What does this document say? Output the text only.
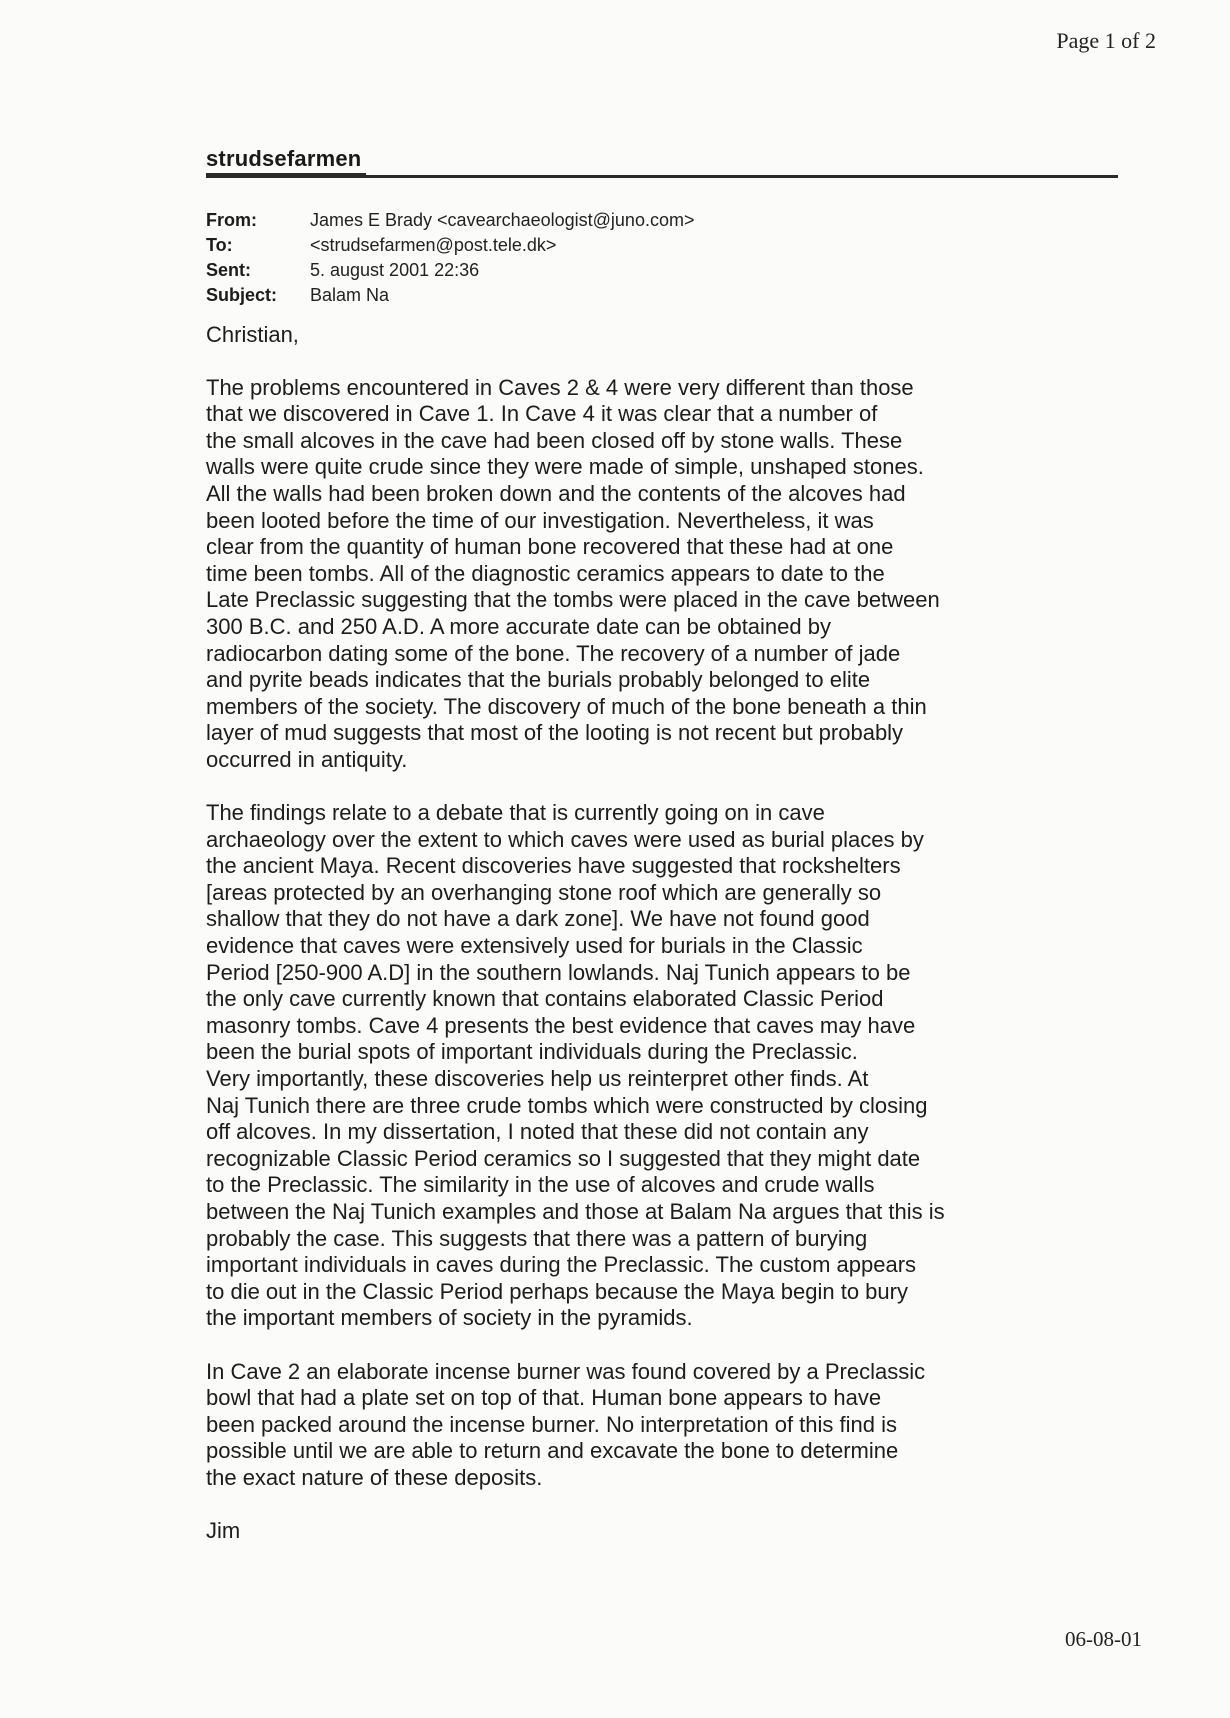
Page 1 of 2
strudsefarmen
From:	James E Brady <cavearchaeologist@juno.com>
To:	<strudsefarmen@post.tele.dk>
Sent:	5. august 2001 22:36
Subject:	Balam Na
Christian,
The problems encountered in Caves 2 & 4 were very different than those
that we discovered in Cave 1. In Cave 4 it was clear that a number of
the small alcoves in the cave had been closed off by stone walls. These
walls were quite crude since they were made of simple, unshaped stones.
All the walls had been broken down and the contents of the alcoves had
been looted before the time of our investigation. Nevertheless, it was
clear from the quantity of human bone recovered that these had at one
time been tombs. All of the diagnostic ceramics appears to date to the
Late Preclassic suggesting that the tombs were placed in the cave between
300 B.C. and 250 A.D. A more accurate date can be obtained by
radiocarbon dating some of the bone. The recovery of a number of jade
and pyrite beads indicates that the burials probably belonged to elite
members of the society. The discovery of much of the bone beneath a thin
layer of mud suggests that most of the looting is not recent but probably
occurred in antiquity.
The findings relate to a debate that is currently going on in cave
archaeology over the extent to which caves were used as burial places by
the ancient Maya. Recent discoveries have suggested that rockshelters
[areas protected by an overhanging stone roof which are generally so
shallow that they do not have a dark zone]. We have not found good
evidence that caves were extensively used for burials in the Classic
Period [250-900 A.D] in the southern lowlands. Naj Tunich appears to be
the only cave currently known that contains elaborated Classic Period
masonry tombs. Cave 4 presents the best evidence that caves may have
been the burial spots of important individuals during the Preclassic.
Very importantly, these discoveries help us reinterpret other finds. At
Naj Tunich there are three crude tombs which were constructed by closing
off alcoves. In my dissertation, I noted that these did not contain any
recognizable Classic Period ceramics so I suggested that they might date
to the Preclassic. The similarity in the use of alcoves and crude walls
between the Naj Tunich examples and those at Balam Na argues that this is
probably the case. This suggests that there was a pattern of burying
important individuals in caves during the Preclassic. The custom appears
to die out in the Classic Period perhaps because the Maya begin to bury
the important members of society in the pyramids.
In Cave 2 an elaborate incense burner was found covered by a Preclassic
bowl that had a plate set on top of that. Human bone appears to have
been packed around the incense burner. No interpretation of this find is
possible until we are able to return and excavate the bone to determine
the exact nature of these deposits.
Jim
06-08-01
